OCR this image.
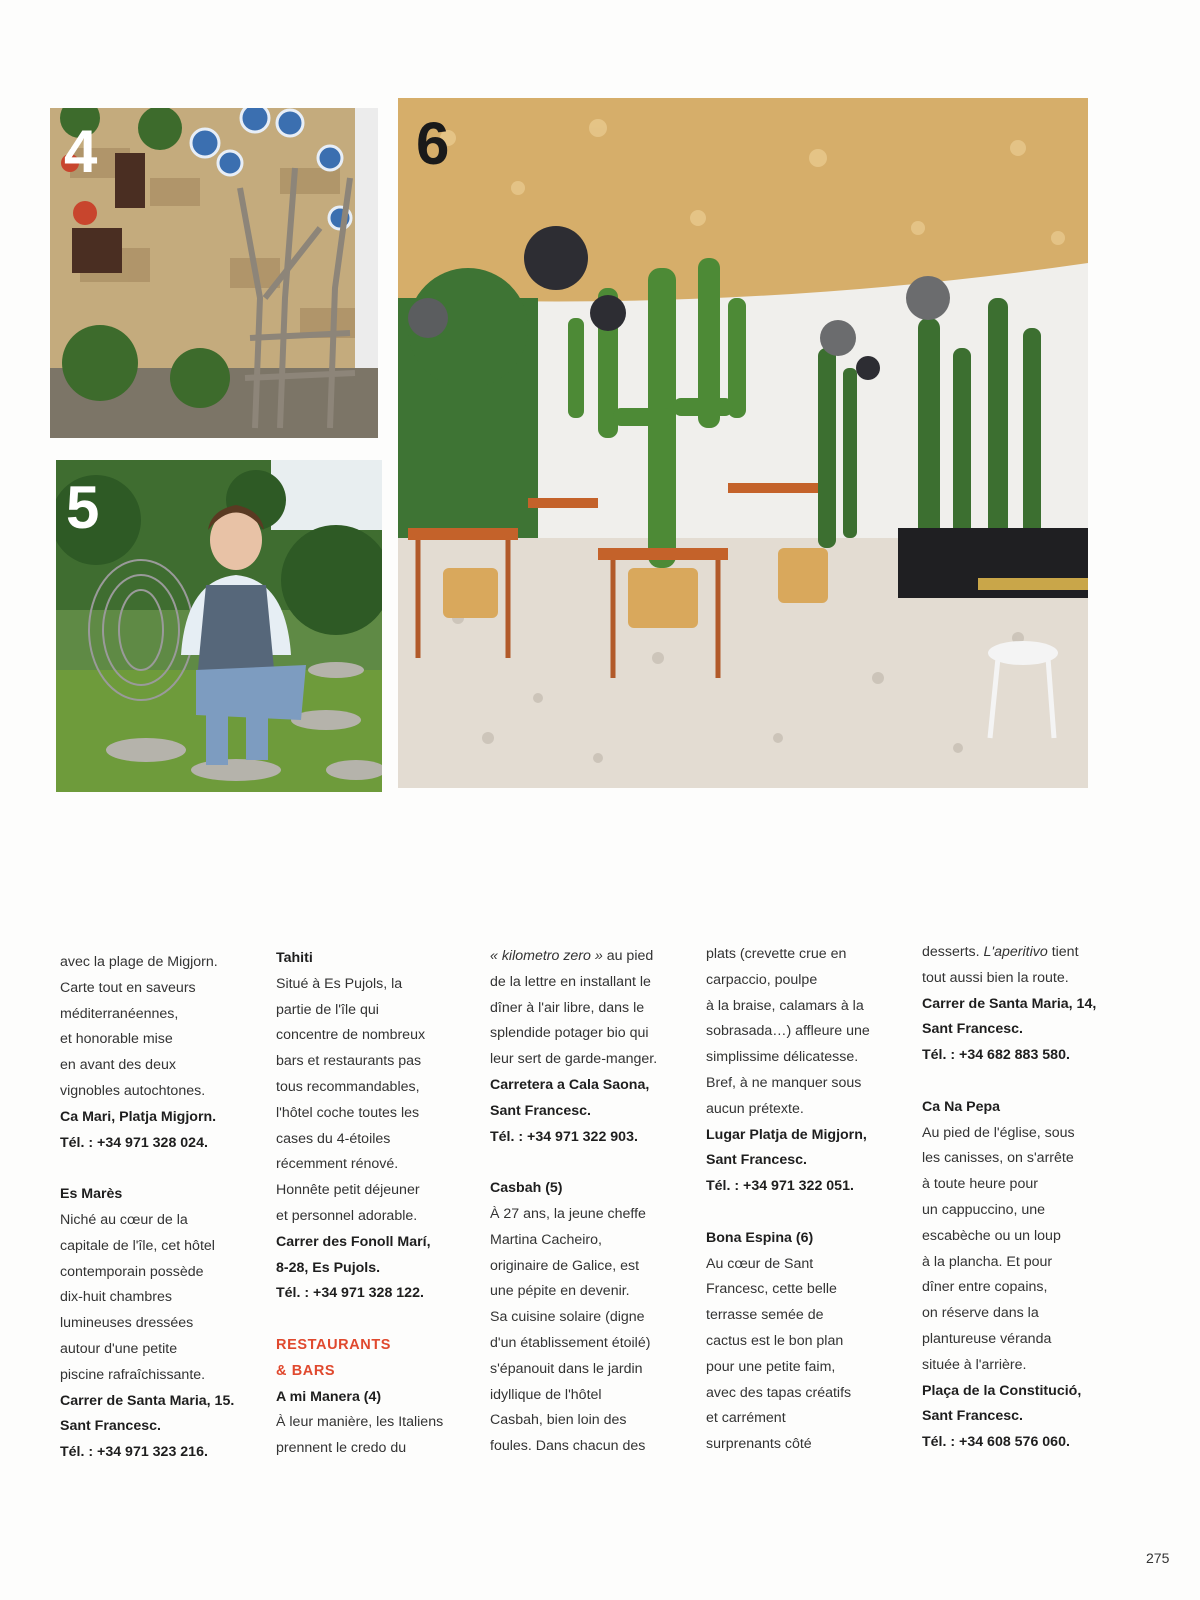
4
5
6

avec la plage de Migjorn.

Carte tout en saveurs

méditerranéennes,

et honorable mise

en avant des deux

vignobles autochtones.

Ca Mari, Platja Migjorn.

Tél. : +34 971 328 024.

Es Marès

Niché au cœur de la

capitale de l'île, cet hôtel

contemporain possède

dix-huit chambres

lumineuses dressées

autour d'une petite

piscine rafraîchissante.

Carrer de Santa Maria, 15.

Sant Francesc.

Tél. : +34 971 323 216.

Tahiti

Situé à Es Pujols, la

partie de l'île qui

concentre de nombreux

bars et restaurants pas

tous recommandables,

l'hôtel coche toutes les

cases du 4-étoiles

récemment rénové.

Honnête petit déjeuner

et personnel adorable.

Carrer des Fonoll Marí,

8-28, Es Pujols.

Tél. : +34 971 328 122.

RESTAURANTS

& BARS

A mi Manera (4)

À leur manière, les Italiens

prennent le credo du

« kilometro zero » au pied

de la lettre en installant le

dîner à l'air libre, dans le

splendide potager bio qui

leur sert de garde-manger.

Carretera a Cala Saona,

Sant Francesc.

Tél. : +34 971 322 903.

Casbah (5)

À 27 ans, la jeune cheffe

Martina Cacheiro,

originaire de Galice, est

une pépite en devenir.

Sa cuisine solaire (digne

d'un établissement étoilé)

s'épanouit dans le jardin

idyllique de l'hôtel

Casbah, bien loin des

foules. Dans chacun des

plats (crevette crue en

carpaccio, poulpe

à la braise, calamars à la

sobrasada…) affleure une

simplissime délicatesse.

Bref, à ne manquer sous

aucun prétexte.

Lugar Platja de Migjorn,

Sant Francesc.

Tél. : +34 971 322 051.

Bona Espina (6)

Au cœur de Sant

Francesc, cette belle

terrasse semée de

cactus est le bon plan

pour une petite faim,

avec des tapas créatifs

et carrément

surprenants côté

desserts. L'aperitivo tient

tout aussi bien la route.

Carrer de Santa Maria, 14,

Sant Francesc.

Tél. : +34 682 883 580.

Ca Na Pepa

Au pied de l'église, sous

les canisses, on s'arrête

à toute heure pour

un cappuccino, une

escabèche ou un loup

à la plancha. Et pour

dîner entre copains,

on réserve dans la

plantureuse véranda

située à l'arrière.

Plaça de la Constitució,

Sant Francesc.

Tél. : +34 608 576 060.

275
